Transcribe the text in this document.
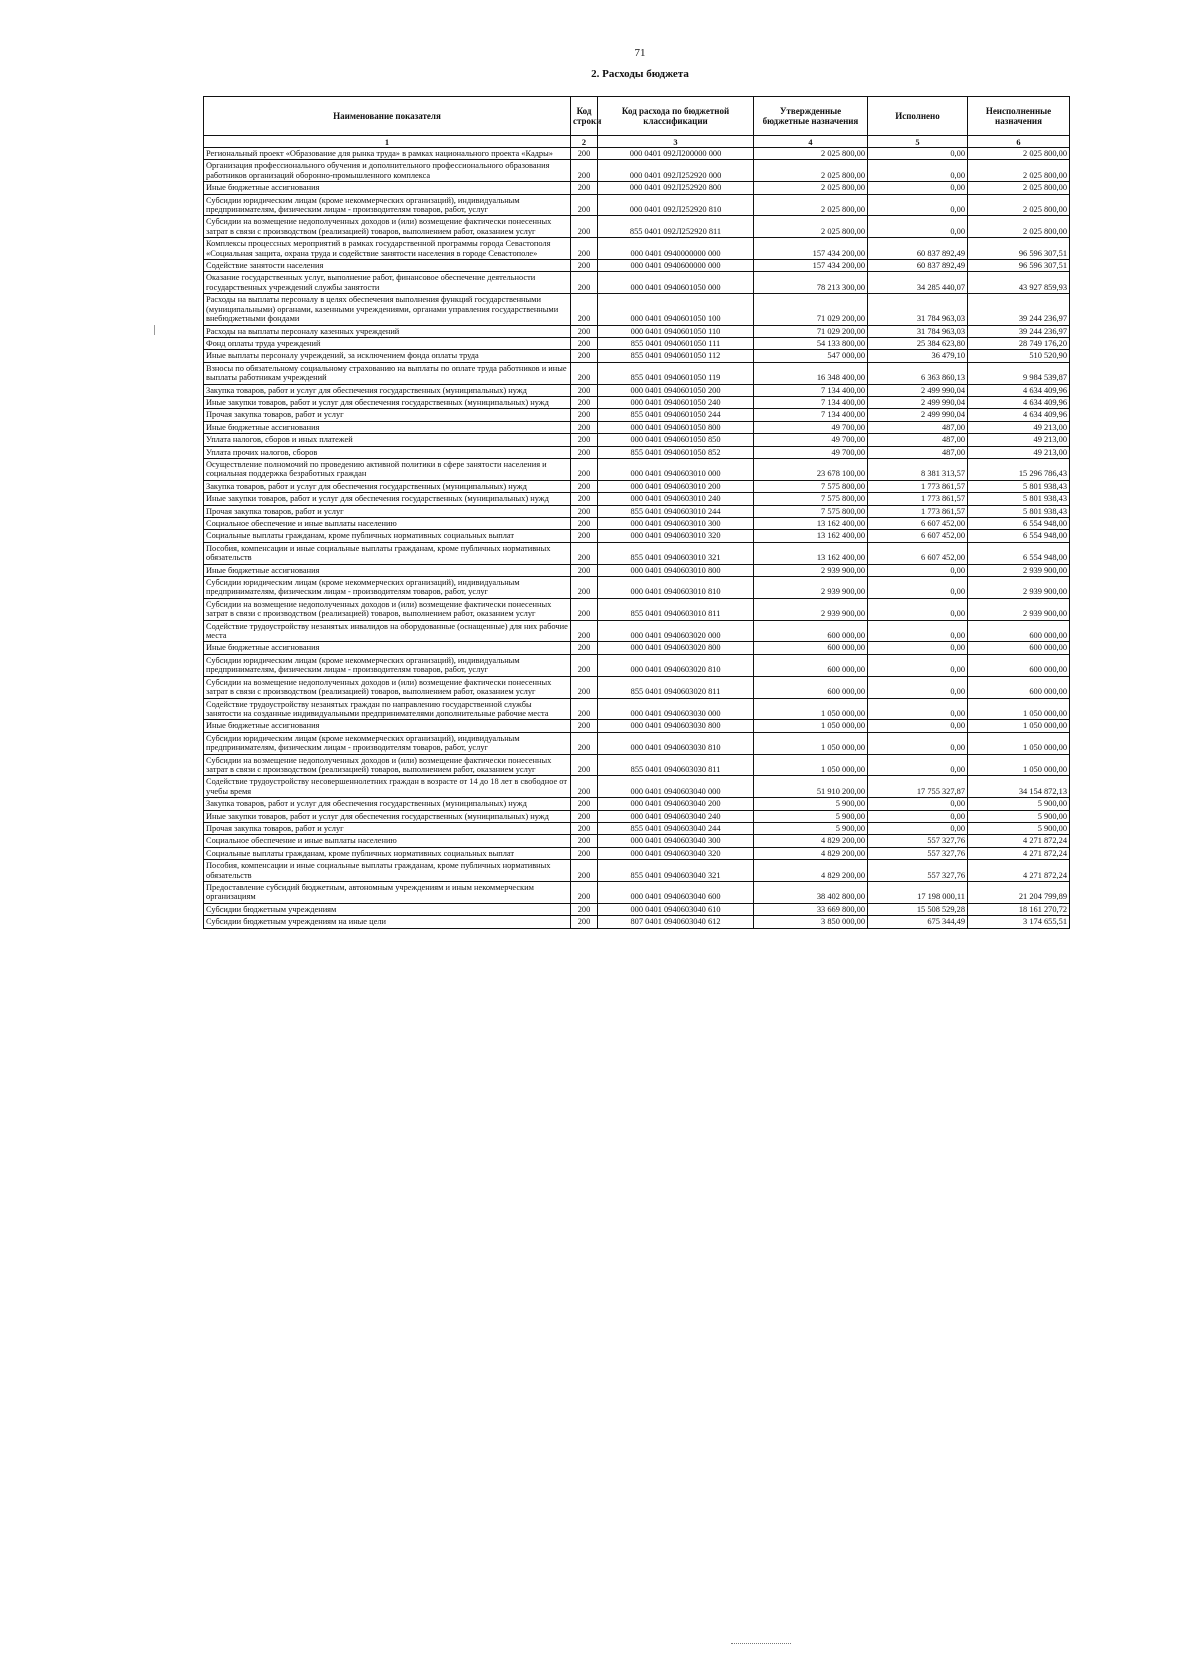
71
2. Расходы бюджета
Наименование показателя	Код строки	Код расхода по бюджетной классификации	Утвержденные бюджетные назначения	Исполнено	Неисполненные назначения
1	2	3	4	5	6
Региональный проект «Образование для рынка труда» в рамках национального проекта «Кадры»	200	000 0401 092Л200000 000	2 025 800,00	0,00	2 025 800,00
Организация профессионального обучения и дополнительного профессионального образования работников организаций оборонно-промышленного комплекса	200	000 0401 092Л252920 000	2 025 800,00	0,00	2 025 800,00
Иные бюджетные ассигнования	200	000 0401 092Л252920 800	2 025 800,00	0,00	2 025 800,00
Субсидии юридическим лицам (кроме некоммерческих организаций), индивидуальным предпринимателям, физическим лицам - производителям товаров, работ, услуг	200	000 0401 092Л252920 810	2 025 800,00	0,00	2 025 800,00
Субсидии на возмещение недополученных доходов и (или) возмещение фактически понесенных затрат в связи с производством (реализацией) товаров, выполнением работ, оказанием услуг	200	855 0401 092Л252920 811	2 025 800,00	0,00	2 025 800,00
Комплексы процессных мероприятий в рамках государственной программы города Севастополя «Социальная защита, охрана труда и содействие занятости населения в городе Севастополе»	200	000 0401 0940000000 000	157 434 200,00	60 837 892,49	96 596 307,51
Содействие занятости населения	200	000 0401 0940600000 000	157 434 200,00	60 837 892,49	96 596 307,51
Оказание государственных услуг, выполнение работ, финансовое обеспечение деятельности государственных учреждений службы занятости	200	000 0401 0940601050 000	78 213 300,00	34 285 440,07	43 927 859,93
Расходы на выплаты персоналу в целях обеспечения выполнения функций государственными (муниципальными) органами, казенными учреждениями, органами управления государственными внебюджетными фондами	200	000 0401 0940601050 100	71 029 200,00	31 784 963,03	39 244 236,97
Расходы на выплаты персоналу казенных учреждений	200	000 0401 0940601050 110	71 029 200,00	31 784 963,03	39 244 236,97
Фонд оплаты труда учреждений	200	855 0401 0940601050 111	54 133 800,00	25 384 623,80	28 749 176,20
Иные выплаты персоналу учреждений, за исключением фонда оплаты труда	200	855 0401 0940601050 112	547 000,00	36 479,10	510 520,90
Взносы по обязательному социальному страхованию на выплаты по оплате труда работников и иные выплаты работникам учреждений	200	855 0401 0940601050 119	16 348 400,00	6 363 860,13	9 984 539,87
Закупка товаров, работ и услуг для обеспечения государственных (муниципальных) нужд	200	000 0401 0940601050 200	7 134 400,00	2 499 990,04	4 634 409,96
Иные закупки товаров, работ и услуг для обеспечения государственных (муниципальных) нужд	200	000 0401 0940601050 240	7 134 400,00	2 499 990,04	4 634 409,96
Прочая закупка товаров, работ и услуг	200	855 0401 0940601050 244	7 134 400,00	2 499 990,04	4 634 409,96
Иные бюджетные ассигнования	200	000 0401 0940601050 800	49 700,00	487,00	49 213,00
Уплата налогов, сборов и иных платежей	200	000 0401 0940601050 850	49 700,00	487,00	49 213,00
Уплата прочих налогов, сборов	200	855 0401 0940601050 852	49 700,00	487,00	49 213,00
Осуществление полномочий по проведению активной политики в сфере занятости населения и социальная поддержка безработных граждан	200	000 0401 0940603010 000	23 678 100,00	8 381 313,57	15 296 786,43
Закупка товаров, работ и услуг для обеспечения государственных (муниципальных) нужд	200	000 0401 0940603010 200	7 575 800,00	1 773 861,57	5 801 938,43
Иные закупки товаров, работ и услуг для обеспечения государственных (муниципальных) нужд	200	000 0401 0940603010 240	7 575 800,00	1 773 861,57	5 801 938,43
Прочая закупка товаров, работ и услуг	200	855 0401 0940603010 244	7 575 800,00	1 773 861,57	5 801 938,43
Социальное обеспечение и иные выплаты населению	200	000 0401 0940603010 300	13 162 400,00	6 607 452,00	6 554 948,00
Социальные выплаты гражданам, кроме публичных нормативных социальных выплат	200	000 0401 0940603010 320	13 162 400,00	6 607 452,00	6 554 948,00
Пособия, компенсации и иные социальные выплаты гражданам, кроме публичных нормативных обязательств	200	855 0401 0940603010 321	13 162 400,00	6 607 452,00	6 554 948,00
Иные бюджетные ассигнования	200	000 0401 0940603010 800	2 939 900,00	0,00	2 939 900,00
Субсидии юридическим лицам (кроме некоммерческих организаций), индивидуальным предпринимателям, физическим лицам - производителям товаров, работ, услуг	200	000 0401 0940603010 810	2 939 900,00	0,00	2 939 900,00
Субсидии на возмещение недополученных доходов и (или) возмещение фактически понесенных затрат в связи с производством (реализацией) товаров, выполнением работ, оказанием услуг	200	855 0401 0940603010 811	2 939 900,00	0,00	2 939 900,00
Содействие трудоустройству незанятых инвалидов на оборудованные (оснащенные) для них рабочие места	200	000 0401 0940603020 000	600 000,00	0,00	600 000,00
Иные бюджетные ассигнования	200	000 0401 0940603020 800	600 000,00	0,00	600 000,00
Субсидии юридическим лицам (кроме некоммерческих организаций), индивидуальным предпринимателям, физическим лицам - производителям товаров, работ, услуг	200	000 0401 0940603020 810	600 000,00	0,00	600 000,00
Субсидии на возмещение недополученных доходов и (или) возмещение фактически понесенных затрат в связи с производством (реализацией) товаров, выполнением работ, оказанием услуг	200	855 0401 0940603020 811	600 000,00	0,00	600 000,00
Содействие трудоустройству незанятых граждан по направлению государственной службы занятости на созданные индивидуальными предпринимателями дополнительные рабочие места	200	000 0401 0940603030 000	1 050 000,00	0,00	1 050 000,00
Иные бюджетные ассигнования	200	000 0401 0940603030 800	1 050 000,00	0,00	1 050 000,00
Субсидии юридическим лицам (кроме некоммерческих организаций), индивидуальным предпринимателям, физическим лицам - производителям товаров, работ, услуг	200	000 0401 0940603030 810	1 050 000,00	0,00	1 050 000,00
Субсидии на возмещение недополученных доходов и (или) возмещение фактически понесенных затрат в связи с производством (реализацией) товаров, выполнением работ, оказанием услуг	200	855 0401 0940603030 811	1 050 000,00	0,00	1 050 000,00
Содействие трудоустройству несовершеннолетних граждан в возрасте от 14 до 18 лет в свободное от учебы время	200	000 0401 0940603040 000	51 910 200,00	17 755 327,87	34 154 872,13
Закупка товаров, работ и услуг для обеспечения государственных (муниципальных) нужд	200	000 0401 0940603040 200	5 900,00	0,00	5 900,00
Иные закупки товаров, работ и услуг для обеспечения государственных (муниципальных) нужд	200	000 0401 0940603040 240	5 900,00	0,00	5 900,00
Прочая закупка товаров, работ и услуг	200	855 0401 0940603040 244	5 900,00	0,00	5 900,00
Социальное обеспечение и иные выплаты населению	200	000 0401 0940603040 300	4 829 200,00	557 327,76	4 271 872,24
Социальные выплаты гражданам, кроме публичных нормативных социальных выплат	200	000 0401 0940603040 320	4 829 200,00	557 327,76	4 271 872,24
Пособия, компенсации и иные социальные выплаты гражданам, кроме публичных нормативных обязательств	200	855 0401 0940603040 321	4 829 200,00	557 327,76	4 271 872,24
Предоставление субсидий бюджетным, автономным учреждениям и иным некоммерческим организациям	200	000 0401 0940603040 600	38 402 800,00	17 198 000,11	21 204 799,89
Субсидии бюджетным учреждениям	200	000 0401 0940603040 610	33 669 800,00	15 508 529,28	18 161 270,72
Субсидии бюджетным учреждениям на иные цели	200	807 0401 0940603040 612	3 850 000,00	675 344,49	3 174 655,51
